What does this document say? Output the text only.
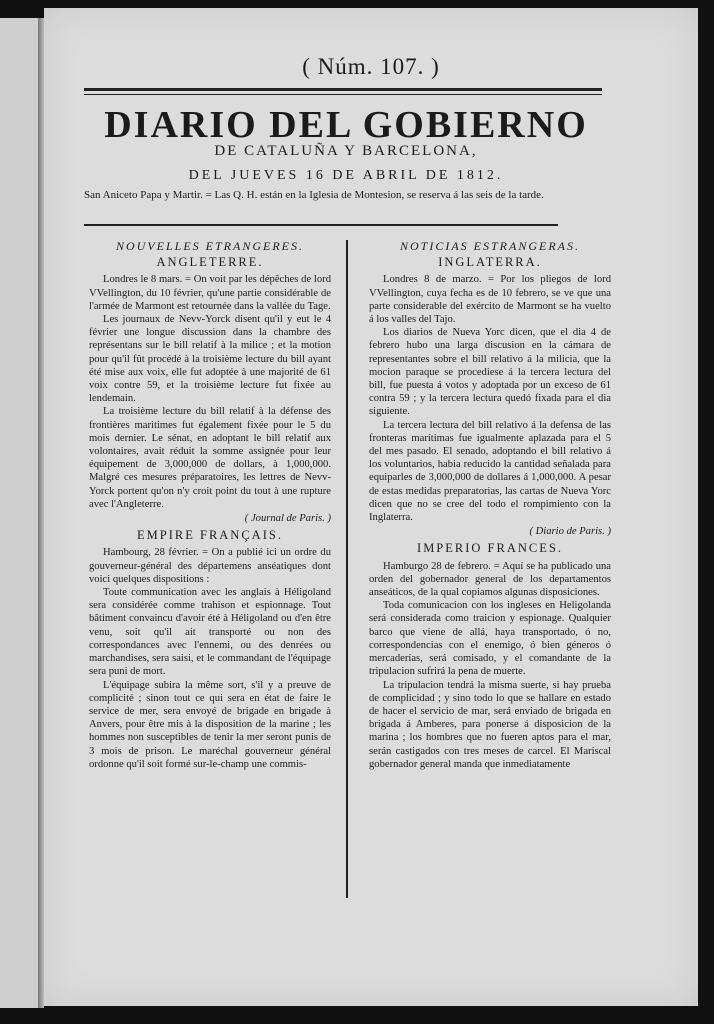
( Núm. 107. )
DIARIO DEL GOBIERNO
DE CATALUÑA Y BARCELONA,
DEL JUEVES 16 DE ABRIL DE 1812.
San Aniceto Papa y Martir. = Las Q. H. están en la Iglesia de Montesion, se reserva á las seis de la tarde.
NOUVELLES ETRANGERES.
ANGLETERRE.

Londres le 8 mars. = On voit par les dépêches de lord VVellington, du 10 février, qu'une partie considérable de l'armée de Marmont est retournée dans la vallée du Tage.

Les journaux de Nevv-Yorck disent qu'il y eut le 4 février une longue discussion dans la chambre des représentans sur le bill relatif à la milice ; et la motion pour qu'il fût procédé à la troisième lecture du bill ayant été mise aux voix, elle fut adoptée à une majorité de 61 voix contre 59, et la troisième lecture fut fixée au lendemain.

La troisième lecture du bill relatif à la défense des frontières maritimes fut également fixée pour le 5 du mois dernier. Le sénat, en adoptant le bill relatif aux volontaires, avait réduit la somme assignée pour leur équipement de 3,000,000 de dollars, à 1,000,000. Malgré ces mesures préparatoires, les lettres de Nevv-Yorck portent qu'on n'y croit point du tout à une rupture avec l'Angleterre.

( Journal de Paris. )
EMPIRE FRANÇAIS.

Hambourg, 28 février. = On a publié ici un ordre du gouverneur-général des départemens anséatiques dont voici quelques dispositions :

Toute communication avec les anglais à Héligoland sera considérée comme trahison et espionnage. Tout bâtiment convaincu d'avoir été à Héligoland ou d'en être venu, soit qu'il ait transporté ou non des correspondances avec l'ennemi, ou des denrées ou marchandises, sera saisi, et le commandant de l'équipage sera puni de mort.

L'équipage subira la même sort, s'il y a preuve de complicité ; sinon tout ce qui sera en état de faire le service de mer, sera envoyé de brigade en brigade à Anvers, pour être mis à la disposition de la marine ; les hommes non susceptibles de tenir la mer seront punis de 3 mois de prison. Le maréchal gouverneur général ordonne qu'il soit formé sur-le-champ une commis-

NOTICIAS ESTRANGERAS.
INGLATERRA.

Londres 8 de marzo. = Por los pliegos de lord VVellington, cuya fecha es de 10 febrero, se ve que una parte considerable del exército de Marmont se ha vuelto á los valles del Tajo.

Los diarios de Nueva Yorc dicen, que el dia 4 de febrero hubo una larga discusion en la cámara de representantes sobre el bill relativo á la milicia, que la mocion paraque se procediese á la tercera lectura del bill, fue puesta á votos y adoptada por un exceso de 61 contra 59 ; y la tercera lectura quedó fixada para el dia siguiente.

La tercera lectura del bill relativo á la defensa de las fronteras marítimas fue igualmente aplazada para el 5 del mes pasado. El senado, adoptando el bill relativo á los voluntarios, habia reducido la cantidad señalada para equiparles de 3,000,000 de dollares á 1,000,000. A pesar de estas medidas preparatorias, las cartas de Nueva Yorc dicen que no se cree del todo el rompimiento con la Inglaterra.

( Diario de Paris. )
IMPERIO FRANCES.

Hamburgo 28 de febrero. = Aquí se ha publicado una orden del gobernador general de los departamentos anseáticos, de la qual copiamos algunas disposiciones.

Toda comunicacion con los ingleses en Heligolanda será considerada como traicion y espionage. Qualquier barco que viene de allá, haya transportado, ó no, correspondencias con el enemigo, ó bien géneros ó mercaderías, será comisado, y el comandante de la tripulacion sufrirá la pena de muerte.

La tripulacion tendrá la misma suerte, si hay prueba de complicidad ; y sino todo lo que se hallare en estado de hacer el servicio de mar, será enviado de brigada en brigada á Amberes, para ponerse á disposicion de la marina ; los hombres que no fueren aptos para el mar, serán castigados con tres meses de carcel. El Mariscal gobernador general manda que inmediatamente
